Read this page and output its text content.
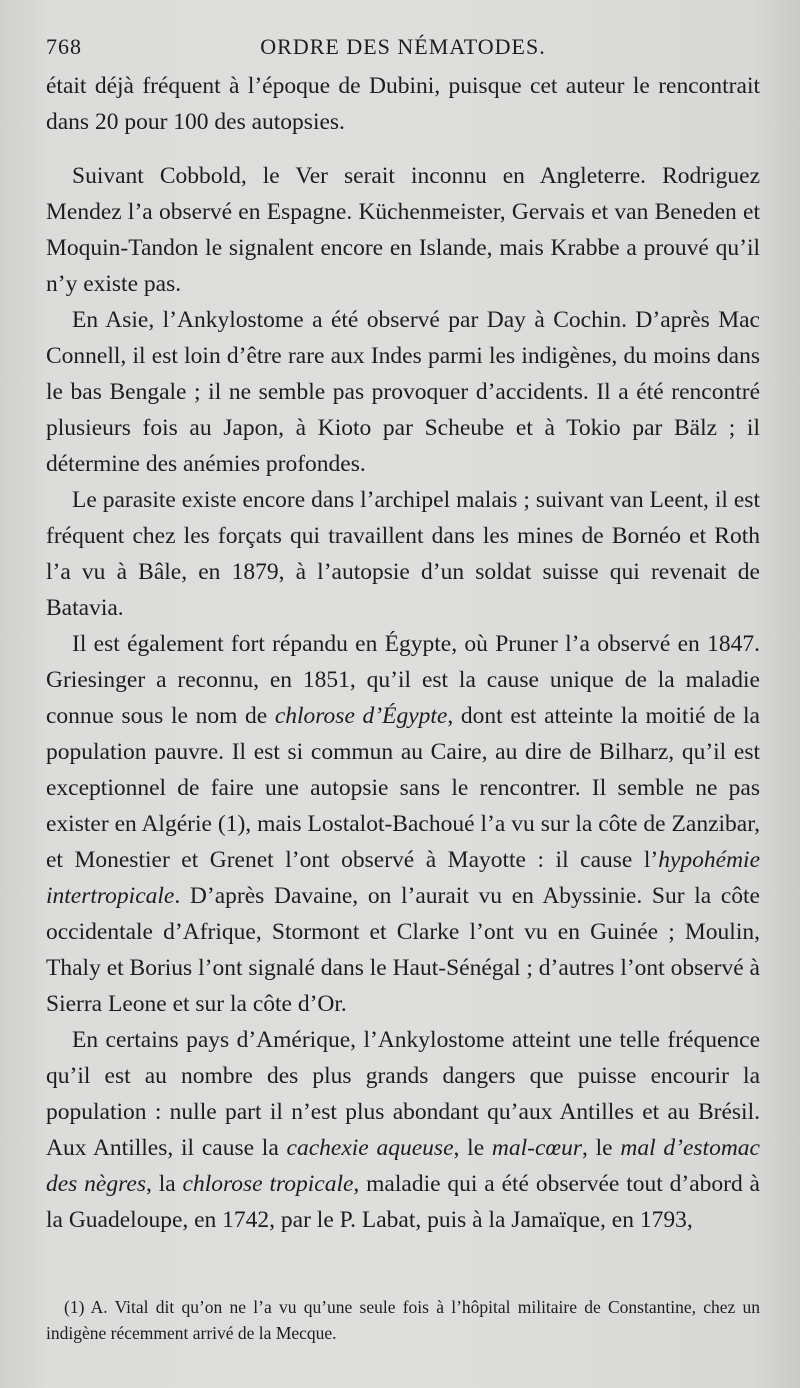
768	ORDRE DES NÉMATODES.

était déjà fréquent à l’époque de Dubini, puisque cet auteur le rencontrait dans 20 pour 100 des autopsies.

Suivant Cobbold, le Ver serait inconnu en Angleterre. Rodriguez Mendez l’a observé en Espagne. Küchenmeister, Gervais et van Beneden et Moquin-Tandon le signalent encore en Islande, mais Krabbe a prouvé qu’il n’y existe pas.

En Asie, l’Ankylostome a été observé par Day à Cochin. D’après Mac Connell, il est loin d’être rare aux Indes parmi les indigènes, du moins dans le bas Bengale ; il ne semble pas provoquer d’accidents. Il a été rencontré plusieurs fois au Japon, à Kioto par Scheube et à Tokio par Bälz ; il détermine des anémies profondes.

Le parasite existe encore dans l’archipel malais ; suivant van Leent, il est fréquent chez les forçats qui travaillent dans les mines de Bornéo et Roth l’a vu à Bâle, en 1879, à l’autopsie d’un soldat suisse qui revenait de Batavia.

Il est également fort répandu en Égypte, où Pruner l’a observé en 1847. Griesinger a reconnu, en 1851, qu’il est la cause unique de la maladie connue sous le nom de chlorose d’Égypte, dont est atteinte la moitié de la population pauvre. Il est si commun au Caire, au dire de Bilharz, qu’il est exceptionnel de faire une autopsie sans le rencontrer. Il semble ne pas exister en Algérie (1), mais Lostalot-Bachoué l’a vu sur la côte de Zanzibar, et Monestier et Grenet l’ont observé à Mayotte : il cause l’hypohémie intertropicale. D’après Davaine, on l’aurait vu en Abyssinie. Sur la côte occidentale d’Afrique, Stormont et Clarke l’ont vu en Guinée ; Moulin, Thaly et Borius l’ont signalé dans le Haut-Sénégal ; d’autres l’ont observé à Sierra Leone et sur la côte d’Or.

En certains pays d’Amérique, l’Ankylostome atteint une telle fréquence qu’il est au nombre des plus grands dangers que puisse encourir la population : nulle part il n’est plus abondant qu’aux Antilles et au Brésil. Aux Antilles, il cause la cachexie aqueuse, le mal-cœur, le mal d’estomac des nègres, la chlorose tropicale, maladie qui a été observée tout d’abord à la Guadeloupe, en 1742, par le P. Labat, puis à la Jamaïque, en 1793,

(1) A. Vital dit qu’on ne l’a vu qu’une seule fois à l’hôpital militaire de Constantine, chez un indigène récemment arrivé de la Mecque.
